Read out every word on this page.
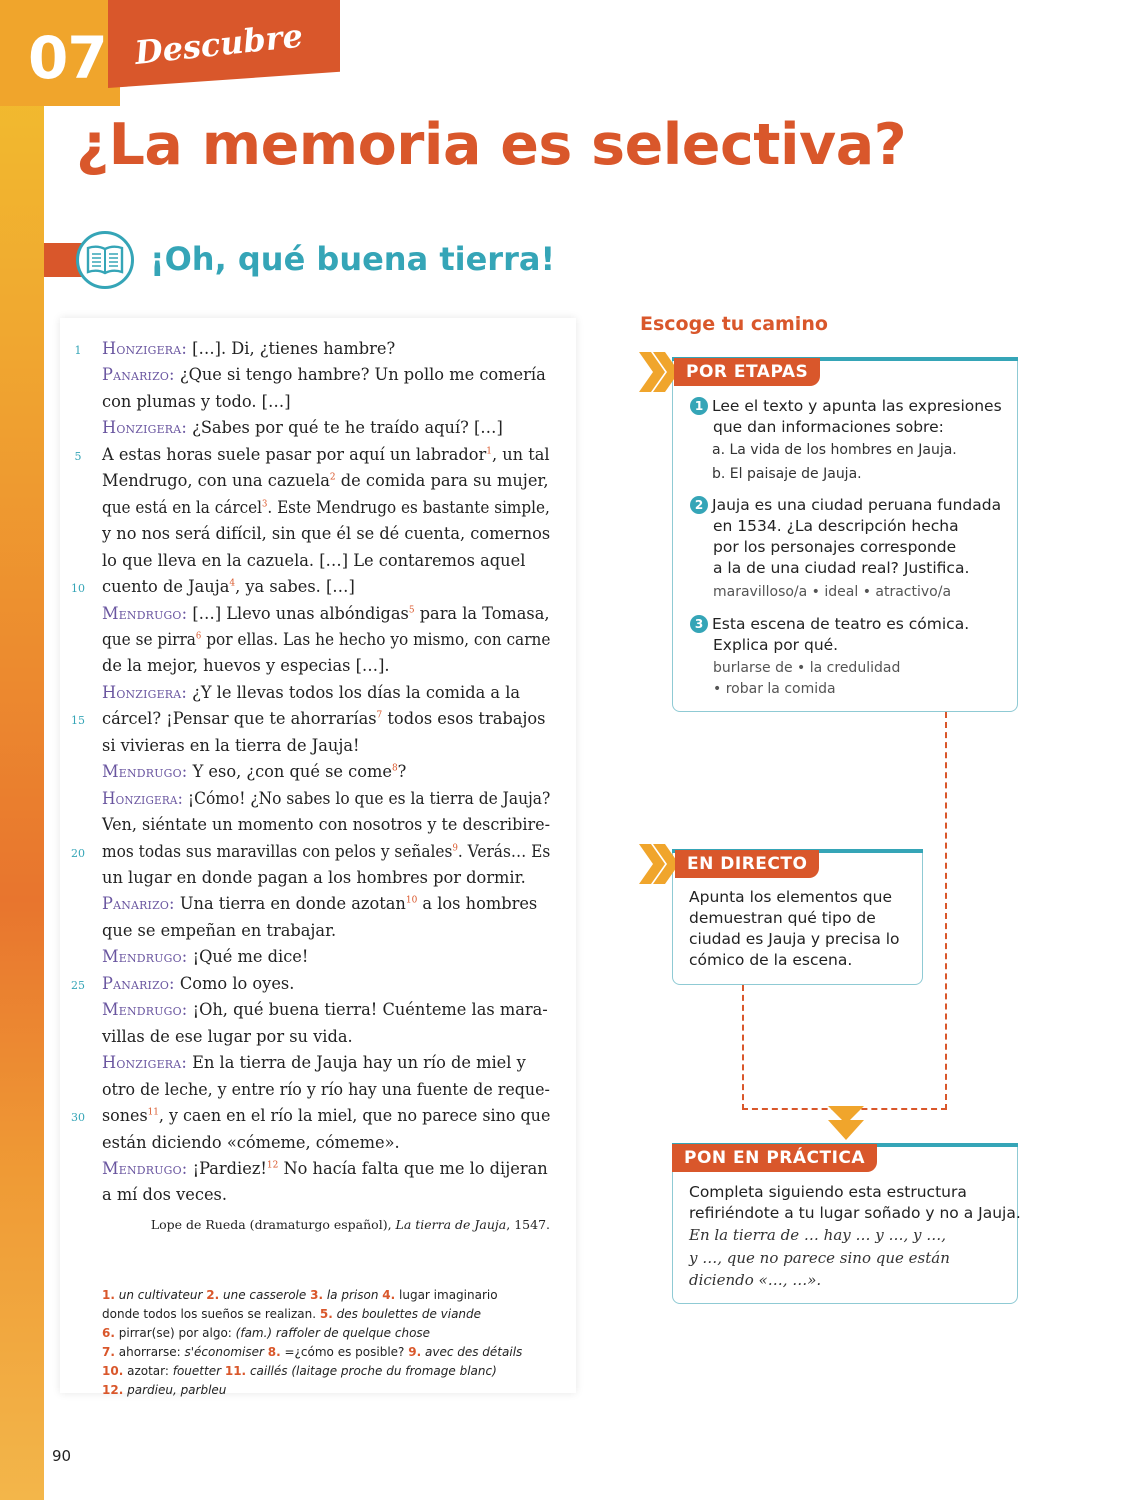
07 Descubre
¿La memoria es selectiva?
¡Oh, qué buena tierra!
Honzigera: […]. Di, ¿tienes hambre?
Panarizo: ¿Que si tengo hambre? Un pollo me comería
con plumas y todo. […]
Honzigera: ¿Sabes por qué te he traído aquí? […]
A estas horas suele pasar por aquí un labrador$^1$, un tal
Mendrugo, con una cazuela$^2$ de comida para su mujer,
que está en la cárcel$^3$. Este Mendrugo es bastante simple,
y no nos será difícil, sin que él se dé cuenta, comernos
lo que lleva en la cazuela. […] Le contaremos aquel
cuento de Jauja$^4$, ya sabes. […]
Mendrugo: […] Llevo unas albóndigas$^5$ para la Tomasa,
que se pirra$^6$ por ellas. Las he hecho yo mismo, con carne
de la mejor, huevos y especias […].
Honzigera: ¿Y le llevas todos los días la comida a la
cárcel? ¡Pensar que te ahorrarías$^7$ todos esos trabajos
si vivieras en la tierra de Jauja!
Mendrugo: Y eso, ¿con qué se come$^8$?
Honzigera: ¡Cómo! ¿No sabes lo que es la tierra de Jauja?
Ven, siéntate un momento con nosotros y te describire-
mos todas sus maravillas con pelos y señales$^9$. Verás… Es
un lugar en donde pagan a los hombres por dormir.
Panarizo: Una tierra en donde azotan$^{10}$ a los hombres
que se empeñan en trabajar.
Mendrugo: ¡Qué me dice!
Panarizo: Como lo oyes.
Mendrugo: ¡Oh, qué buena tierra! Cuénteme las mara-
villas de ese lugar por su vida.
Honzigera: En la tierra de Jauja hay un río de miel y
otro de leche, y entre río y río hay una fuente de reque-
sones$^{11}$, y caen en el río la miel, que no parece sino que
están diciendo «cómeme, cómeme».
Mendrugo: ¡Pardiez!$^{12}$ No hacía falta que me lo dijeran
a mí dos veces.
1
5
10
15
20
25
30
Lope de Rueda (dramaturgo español), La tierra de Jauja, 1547.
1. un cultivateur 2. une casserole 3. la prison 4. lugar imaginario
donde todos los sueños se realizan. 5. des boulettes de viande
6. pirrar(se) por algo: (fam.) raffoler de quelque chose
7. ahorrarse: s'économiser 8. =¿cómo es posible? 9. avec des détails
10. azotar: fouetter 11. caillés (laitage proche du fromage blanc)
12. pardieu, parbleu
Escoge tu camino
POR ETAPAS
1 Lee el texto y apunta las expresiones
que dan informaciones sobre:
a. La vida de los hombres en Jauja.
b. El paisaje de Jauja.
2 Jauja es una ciudad peruana fundada
en 1534. ¿La descripción hecha
por los personajes corresponde
a la de una ciudad real? Justifica.
maravilloso/a • ideal • atractivo/a
3 Esta escena de teatro es cómica.
Explica por qué.
burlarse de • la credulidad
• robar la comida
EN DIRECTO
Apunta los elementos que
demuestran qué tipo de
ciudad es Jauja y precisa lo
cómico de la escena.
PON EN PRÁCTICA
Completa siguiendo esta estructura
refiriéndote a tu lugar soñado y no a Jauja.
En la tierra de … hay … y …, y …,
y …, que no parece sino que están
diciendo «…, …».
90
